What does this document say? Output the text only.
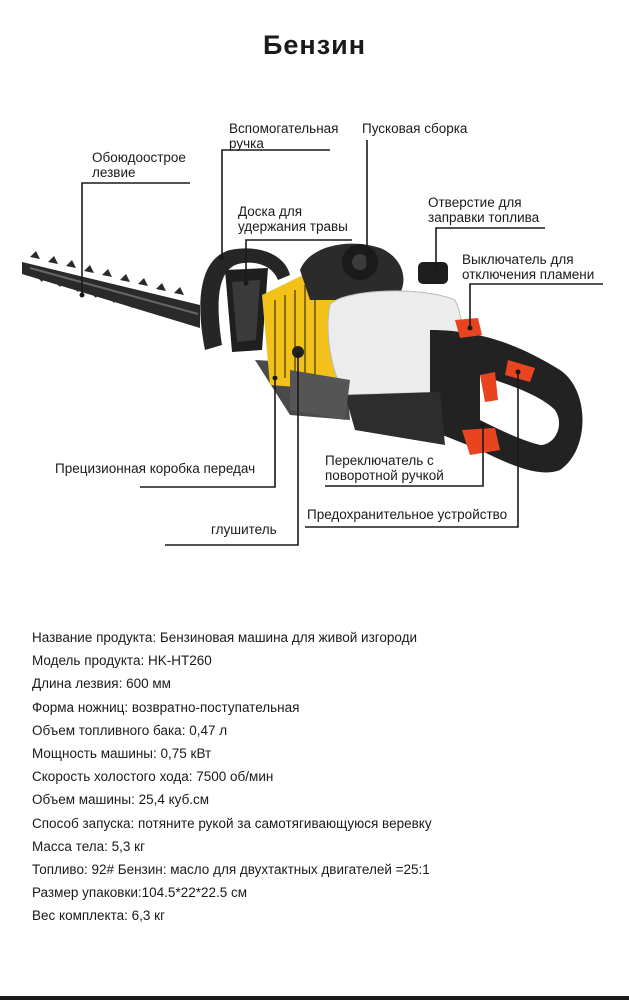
Бензин
Обоюдоострое
лезвие
Вспомогательная
ручка
Пусковая сборка
Отверстие для
заправки топлива
Доска для
удержания травы
Выключатель для
отключения пламени
Прецизионная коробка передач
Переключатель с
поворотной ручкой
Предохранительное устройство
глушитель
Название продукта: Бензиновая машина для живой изгороди
Модель продукта: HK-HT260
Длина лезвия: 600 мм
Форма ножниц: возвратно-поступательная
Объем топливного бака: 0,47 л
Мощность машины: 0,75 кВт
Скорость холостого хода: 7500 об/мин
Объем машины: 25,4 куб.см
Способ запуска: потяните рукой за самотягивающуюся веревку
Масса тела: 5,3 кг
Топливо: 92# Бензин: масло для двухтактных двигателей =25:1
Размер упаковки:104.5*22*22.5 см
Вес комплекта: 6,3 кг
